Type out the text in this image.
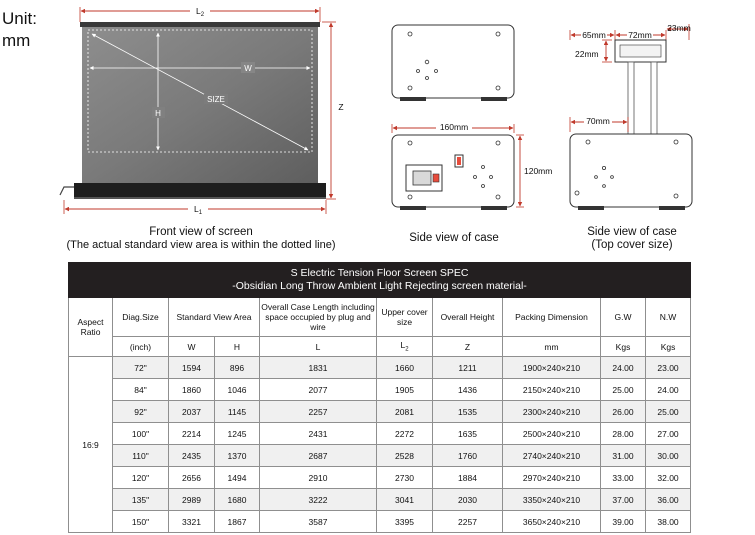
Unit:
mm
$L_2$
W
H
SIZE
Z
$L_1$
160mm
120mm
65mm	72mm
23mm
22mm
70mm
Front view of screen
(The actual standard view area is within the dotted line)
Side view of case	Side view of case
(Top cover size)
S Electric Tension Floor Screen SPEC
-Obsidian Long Throw Ambient Light Rejecting screen material-									

Aspect Ratio	Diag.Size	Standard View Area		Overall Case Length including space occupied by plug and wire	Upper cover size	Overall Height	Packing Dimension	G.W	N.W
	(inch)	W	H	L	$L_2$	Z	mm	Kgs	Kgs
16:9	72"	1594	896	1831	1660	1211	1900×240×210	24.00	23.00
	84"	1860	1046	2077	1905	1436	2150×240×210	25.00	24.00
	92"	2037	1145	2257	2081	1535	2300×240×210	26.00	25.00
	100"	2214	1245	2431	2272	1635	2500×240×210	28.00	27.00
	110"	2435	1370	2687	2528	1760	2740×240×210	31.00	30.00
	120"	2656	1494	2910	2730	1884	2970×240×210	33.00	32.00
	135"	2989	1680	3222	3041	2030	3350×240×210	37.00	36.00
	150"	3321	1867	3587	3395	2257	3650×240×210	39.00	38.00
